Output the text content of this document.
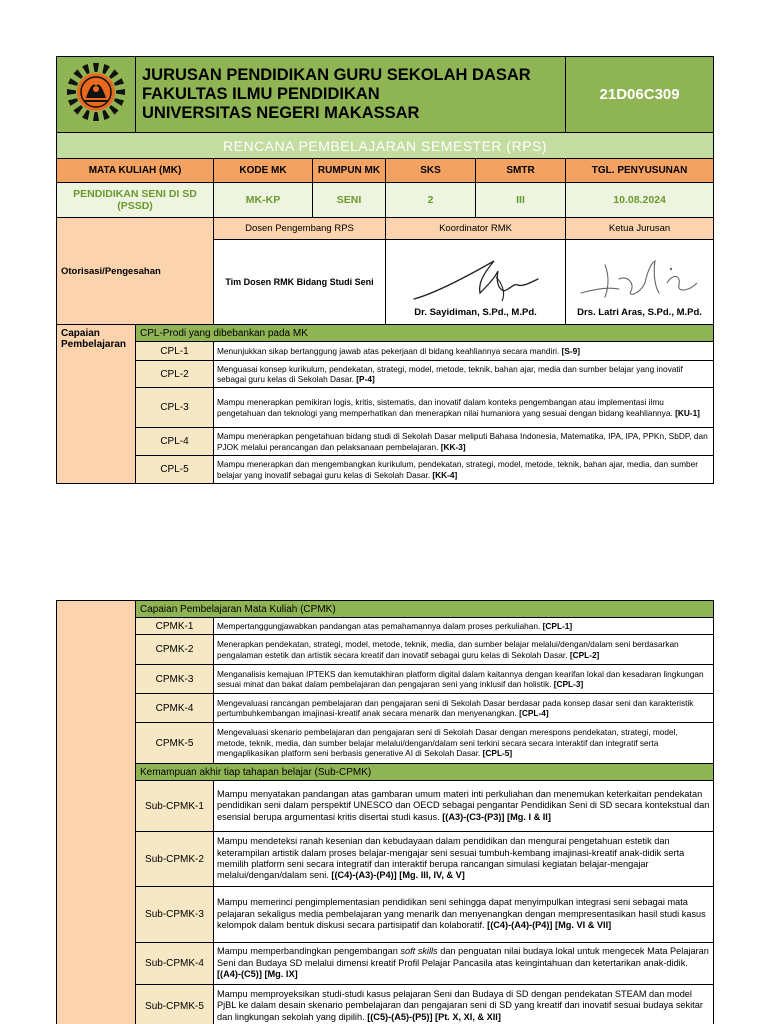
JURUSAN PENDIDIKAN GURU SEKOLAH DASAR
FAKULTAS ILMU PENDIDIKAN
UNIVERSITAS NEGERI MAKASSAR					21D06C309
RENCANA PEMBELAJARAN SEMESTER (RPS)						
MATA KULIAH (MK)		KODE MK	RUMPUN MK	SKS	SMTR	TGL. PENYUSUNAN
PENDIDIKAN SENI DI SD (PSSD)		MK-KP	SENI	2	III	10.08.2024
Otorisasi/Pengesahan		Dosen Pengembang RPS		Koordinator RMK		Ketua Jurusan
		Tim Dosen RMK Bidang Studi Seni		Dr. Sayidiman, S.Pd., M.Pd.		Drs. Latri Aras, S.Pd., M.Pd.

Capaian Pembelajaran	CPL-Prodi yang dibebankan pada MK					
	CPL-1	Menunjukkan sikap bertanggung jawab atas pekerjaan di bidang keahliannya secara mandiri. [S-9]				
	CPL-2	Menguasai konsep kurikulum, pendekatan, strategi, model, metode, teknik, bahan ajar, media dan sumber belajar yang inovatif sebagai guru kelas di Sekolah Dasar. [P-4]				
	CPL-3	Mampu menerapkan pemikiran logis, kritis, sistematis, dan inovatif dalam konteks pengembangan atau implementasi ilmu pengetahuan dan teknologi yang memperhatikan dan menerapkan nilai humaniora yang sesuai dengan bidang keahliannya. [KU-1]				
	CPL-4	Mampu menerapkan pengetahuan bidang studi di Sekolah Dasar meliputi Bahasa Indonesia, Matematika, IPA, IPA, PPKn, SbDP, dan PJOK melalui perancangan dan pelaksanaan pembelajaran. [KK-3]				
	CPL-5	Mampu menerapkan dan mengembangkan kurikulum, pendekatan, strategi, model, metode, teknik, bahan ajar, media, dan sumber belajar yang inovatif sebagai guru kelas di Sekolah Dasar. [KK-4]				
	Capaian Pembelajaran Mata Kuliah (CPMK)	
	CPMK-1	Mempertanggungjawabkan pandangan atas pemahamannya dalam proses perkuliahan. [CPL-1]
	CPMK-2	Menerapkan pendekatan, strategi, model, metode, teknik, media, dan sumber belajar melalui/dengan/dalam seni berdasarkan pengalaman estetik dan artistik secara kreatif dan inovatif sebagai guru kelas di Sekolah Dasar. [CPL-2]
	CPMK-3	Menganalisis kemajuan IPTEKS dan kemutakhiran platform digital dalam kaitannya dengan kearifan lokal dan kesadaran lingkungan sesuai minat dan bakat dalam pembelajaran dan pengajaran seni yang inklusif dan holistik. [CPL-3]
	CPMK-4	Mengevaluasi rancangan pembelajaran dan pengajaran seni di Sekolah Dasar berdasar pada konsep dasar seni dan karakteristik pertumbuhkembangan imajinasi-kreatif anak secara menarik dan menyenangkan. [CPL-4]
	CPMK-5	Mengevaluasi skenario pembelajaran dan pengajaran seni di Sekolah Dasar dengan merespons pendekatan, strategi, model, metode, teknik, media, dan sumber belajar melalui/dengan/dalam seni terkini secara secara interaktif dan integratif serta mengaplikasikan platform seni berbasis generative AI di Sekolah Dasar. [CPL-5]
	Kemampuan akhir tiap tahapan belajar (Sub-CPMK)	
	Sub-CPMK-1	Mampu menyatakan pandangan atas gambaran umum materi inti perkuliahan dan menemukan keterkaitan pendekatan pendidikan seni dalam perspektif UNESCO dan OECD sebagai pengantar Pendidikan Seni di SD secara kontekstual dan esensial berupa argumentasi kritis disertai studi kasus. [(A3)-(C3-(P3)] [Mg. I & II]
	Sub-CPMK-2	Mampu mendeteksi ranah kesenian dan kebudayaan dalam pendidikan dan mengurai pengetahuan estetik dan keterampilan artistik dalam proses belajar-mengajar seni sesuai tumbuh-kembang imajinasi-kreatif anak-didik serta memilih platform seni secara integratif dan interaktif berupa rancangan simulasi kegiatan belajar-mengajar melalui/dengan/dalam seni. [(C4)-(A3)-(P4)] [Mg. III, IV, & V]
	Sub-CPMK-3	Mampu memerinci pengimplementasian pendidikan seni sehingga dapat menyimpulkan integrasi seni sebagai mata pelajaran sekaligus media pembelajaran yang menarik dan menyenangkan dengan mempresentasikan hasil studi kasus kelompok dalam bentuk diskusi secara partisipatif dan kolaboratif. [(C4)-(A4)-(P4)] [Mg. VI & VII]
	Sub-CPMK-4	Mampu memperbandingkan pengembangan soft skills dan penguatan nilai budaya lokal untuk mengecek Mata Pelajaran Seni dan Budaya SD melalui dimensi kreatif Profil Pelajar Pancasila atas keingintahuan dan ketertarikan anak-didik. [(A4)-(C5)] [Mg. IX]
	Sub-CPMK-5	Mampu memproyeksikan studi-studi kasus pelajaran Seni dan Budaya di SD dengan pendekatan STEAM dan model PjBL ke dalam desain skenario pembelajaran dan pengajaran seni di SD yang kreatif dan inovatif sesuai budaya sekitar dan lingkungan sekolah yang dipilih. [(C5)-(A5)-(P5)] [Pt. X, XI, & XII]
